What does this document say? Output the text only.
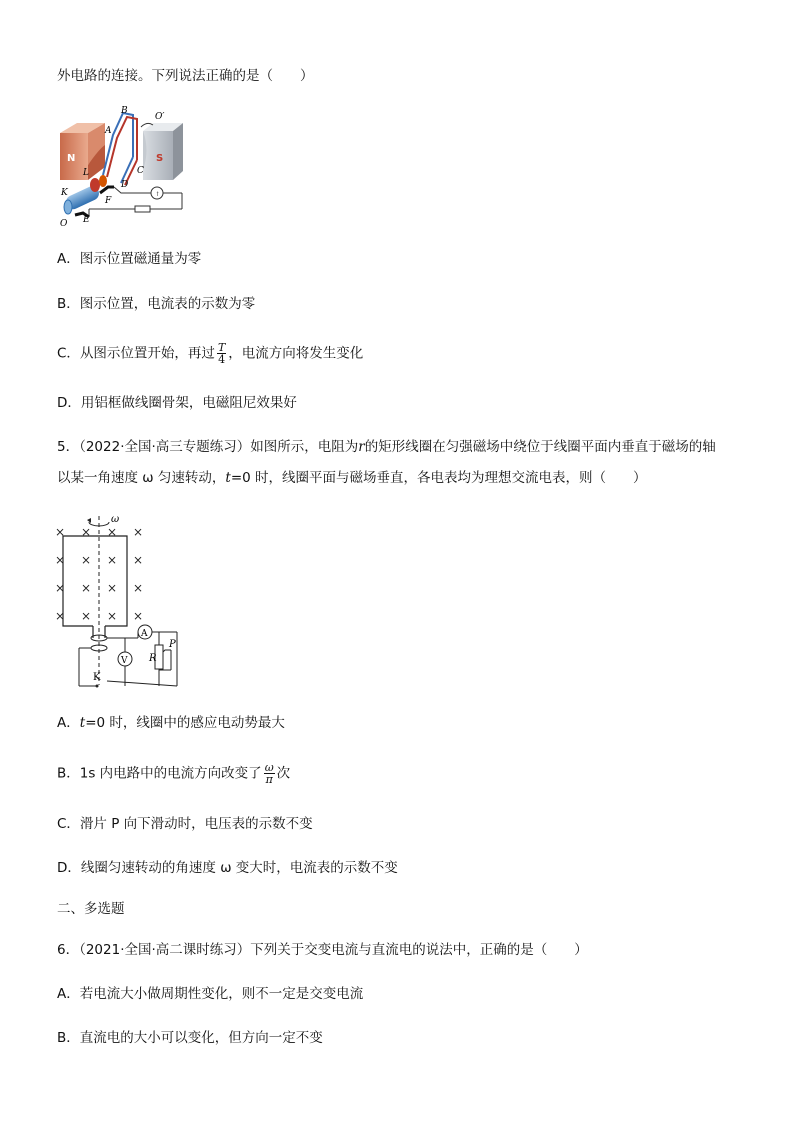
外电路的连接。下列说法正确的是（　　）
N	S
↑
B
O′
A
C
L
D
K
F
E
O
A．图示位置磁通量为零
B．图示位置，电流表的示数为零
C．从图示位置开始，再过 $\frac{T}{4}$ ，电流方向将发生变化
D．用铝框做线圈骨架，电磁阻尼效果好
5．（2022·全国·高三专题练习）如图所示，电阻为r的矩形线圈在匀强磁场中绕位于线圈平面内垂直于磁场的轴
以某一角速度 ω 匀速转动，t=0 时，线圈平面与磁场垂直，各电表均为理想交流电表，则（　　）
× × × ×
× ×
×	×
× × × ×
× × × ×
ω
A
V R
P
K
A．t=0 时，线圈中的感应电动势最大
B．1s 内电路中的电流方向改变了 $\frac{\omega}{\pi}$ 次
C．滑片 P 向下滑动时，电压表的示数不变
D．线圈匀速转动的角速度 ω 变大时，电流表的示数不变
二、多选题
6．（2021·全国·高二课时练习）下列关于交变电流与直流电的说法中，正确的是（　　）
A．若电流大小做周期性变化，则不一定是交变电流
B．直流电的大小可以变化，但方向一定不变
